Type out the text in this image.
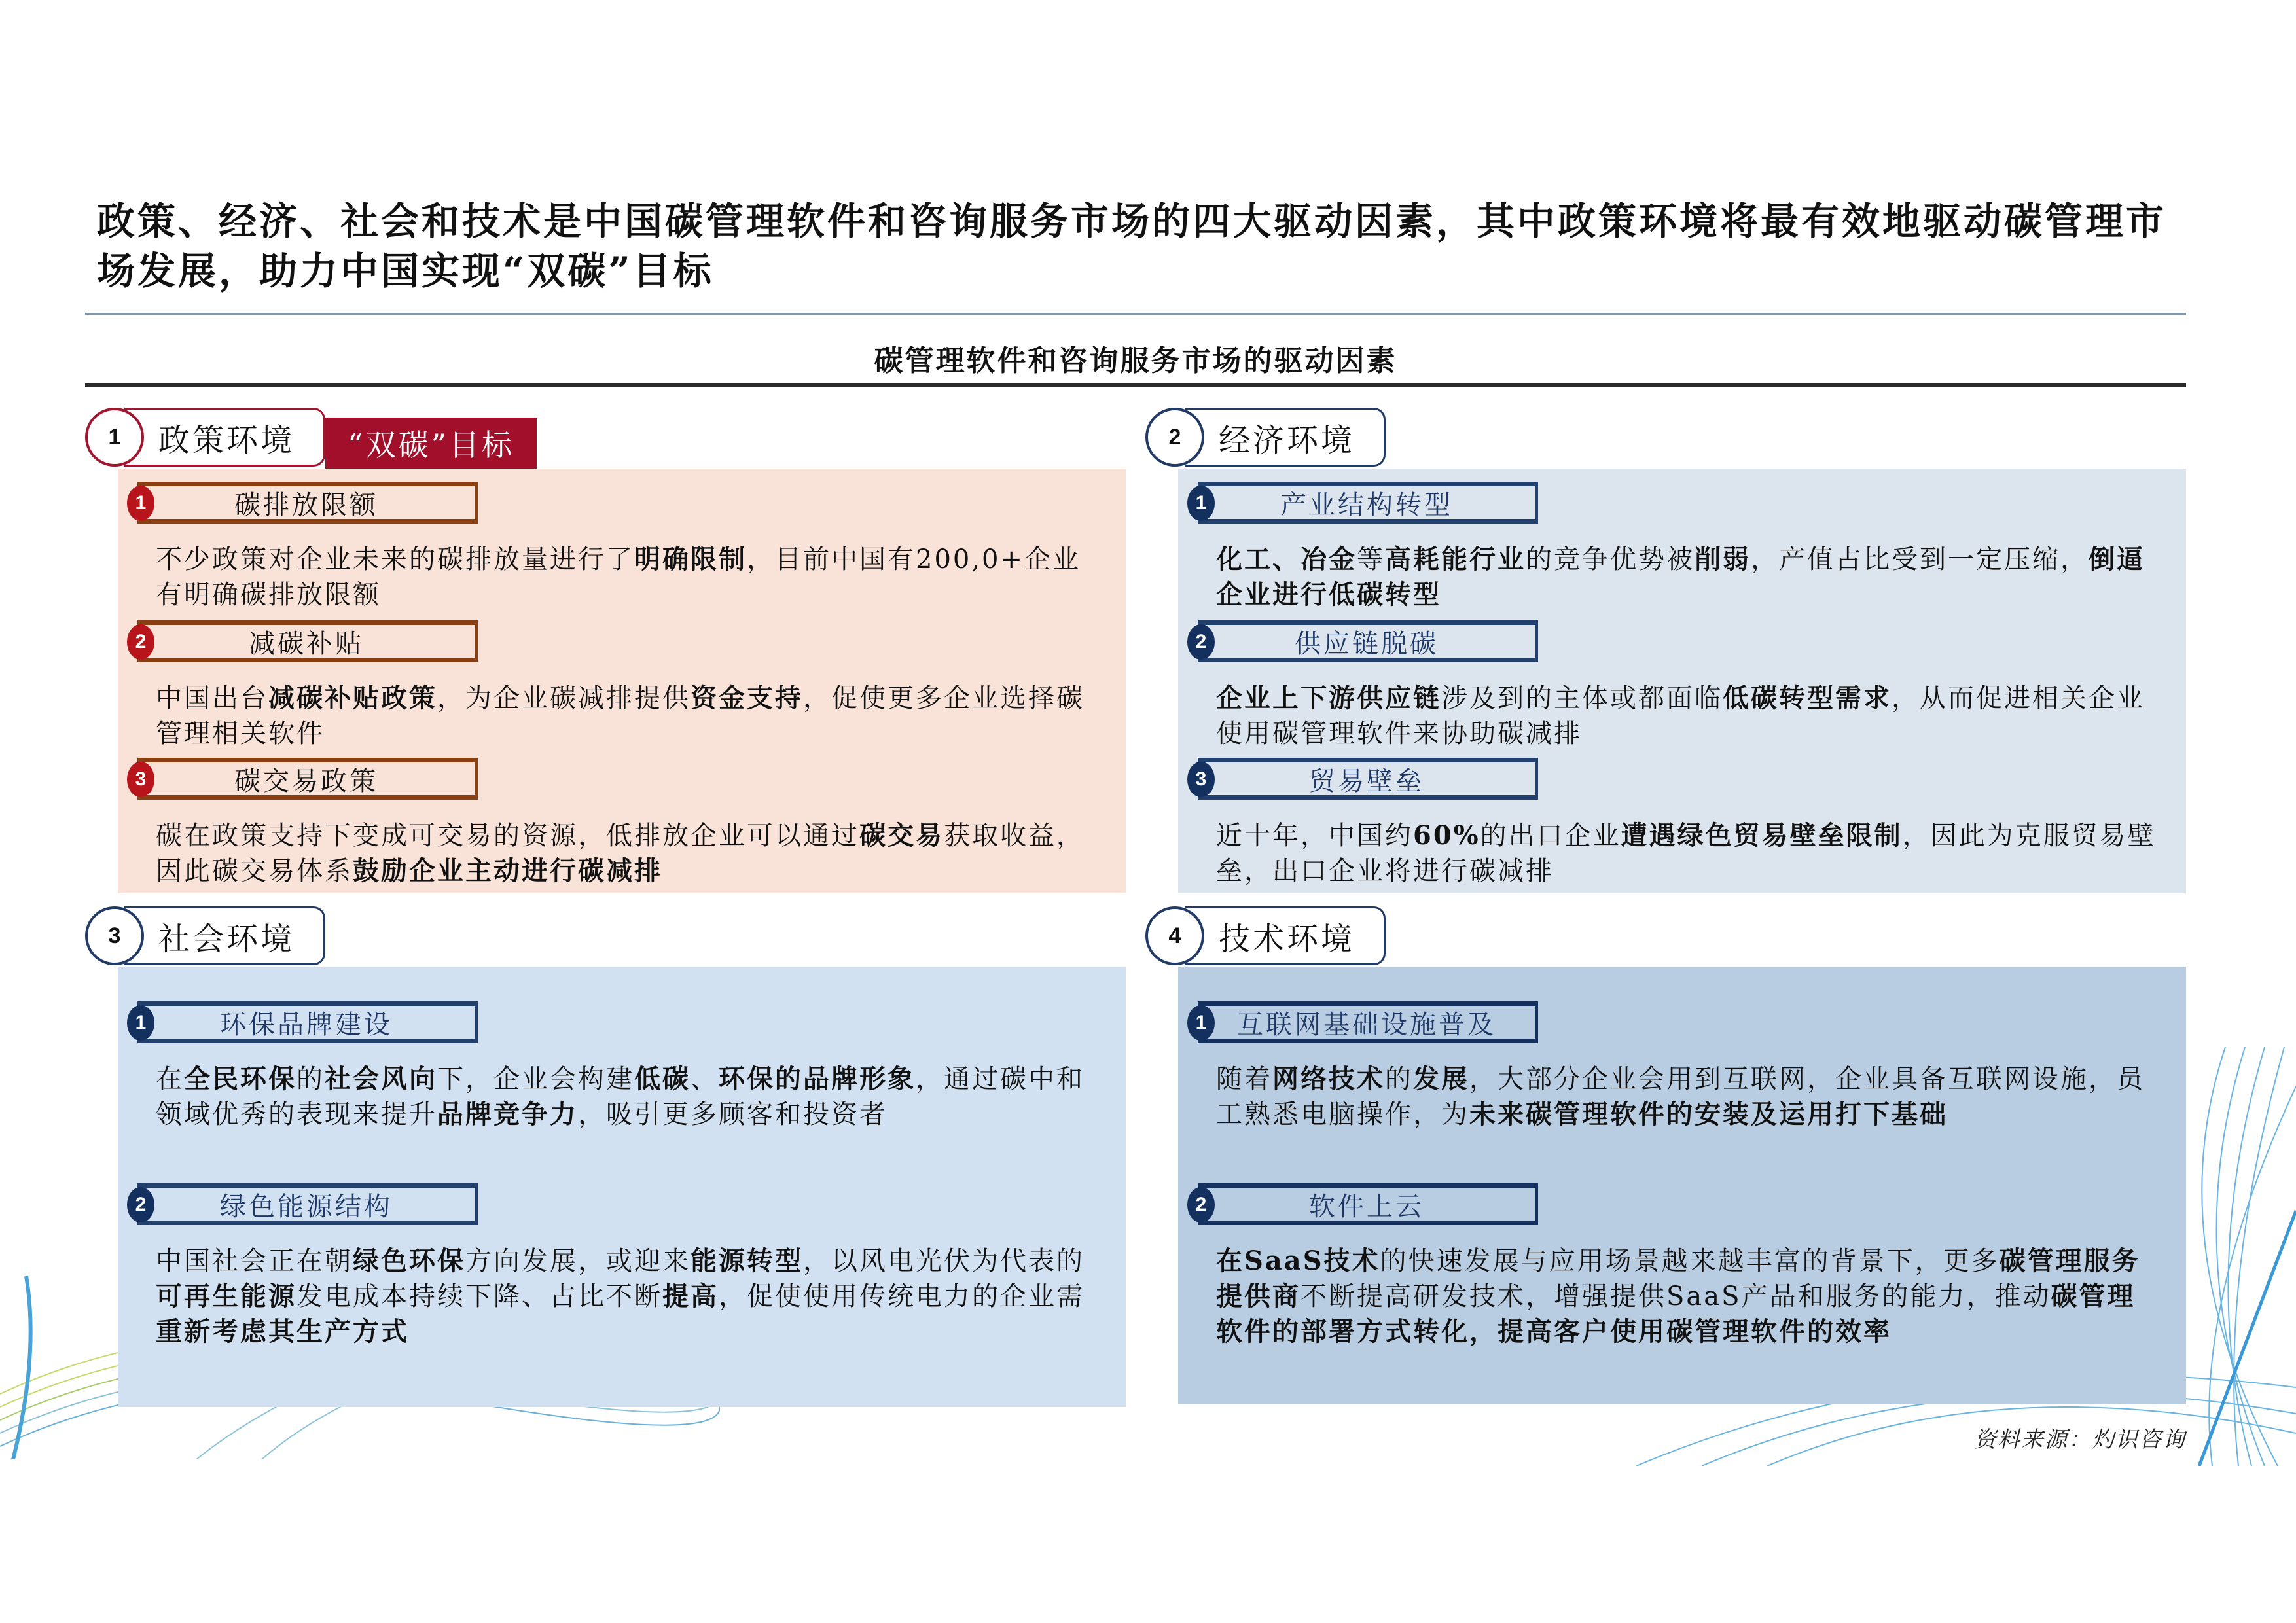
政策、经济、社会和技术是中国碳管理软件和咨询服务市场的四大驱动因素，其中政策环境将最有效地驱动碳管理市场发展，助力中国实现“双碳”目标
碳管理软件和咨询服务市场的驱动因素
1	政策环境	“双碳”目标
1	碳排放限额
不少政策对企业未来的碳排放量进行了明确限制，目前中国有200,0+企业有明确碳排放限额
2	减碳补贴
中国出台减碳补贴政策，为企业碳减排提供资金支持，促使更多企业选择碳管理相关软件
3	碳交易政策
碳在政策支持下变成可交易的资源，低排放企业可以通过碳交易获取收益，因此碳交易体系鼓励企业主动进行碳减排
2	经济环境
1	产业结构转型
化工、冶金等高耗能行业的竞争优势被削弱，产值占比受到一定压缩，倒逼企业进行低碳转型
2	供应链脱碳
企业上下游供应链涉及到的主体或都面临低碳转型需求，从而促进相关企业使用碳管理软件来协助碳减排
3	贸易壁垒
近十年，中国约60%的出口企业遭遇绿色贸易壁垒限制，因此为克服贸易壁垒，出口企业将进行碳减排
3	社会环境
1	环保品牌建设
在全民环保的社会风向下，企业会构建低碳、环保的品牌形象，通过碳中和领域优秀的表现来提升品牌竞争力，吸引更多顾客和投资者
2	绿色能源结构
中国社会正在朝绿色环保方向发展，或迎来能源转型，以风电光伏为代表的可再生能源发电成本持续下降、占比不断提高，促使使用传统电力的企业需重新考虑其生产方式
4	技术环境
1	互联网基础设施普及
随着网络技术的发展，大部分企业会用到互联网，企业具备互联网设施，员工熟悉电脑操作，为未来碳管理软件的安装及运用打下基础
2	软件上云
在SaaS技术的快速发展与应用场景越来越丰富的背景下，更多碳管理服务提供商不断提高研发技术，增强提供SaaS产品和服务的能力，推动碳管理软件的部署方式转化，提高客户使用碳管理软件的效率
资料来源：灼识咨询
